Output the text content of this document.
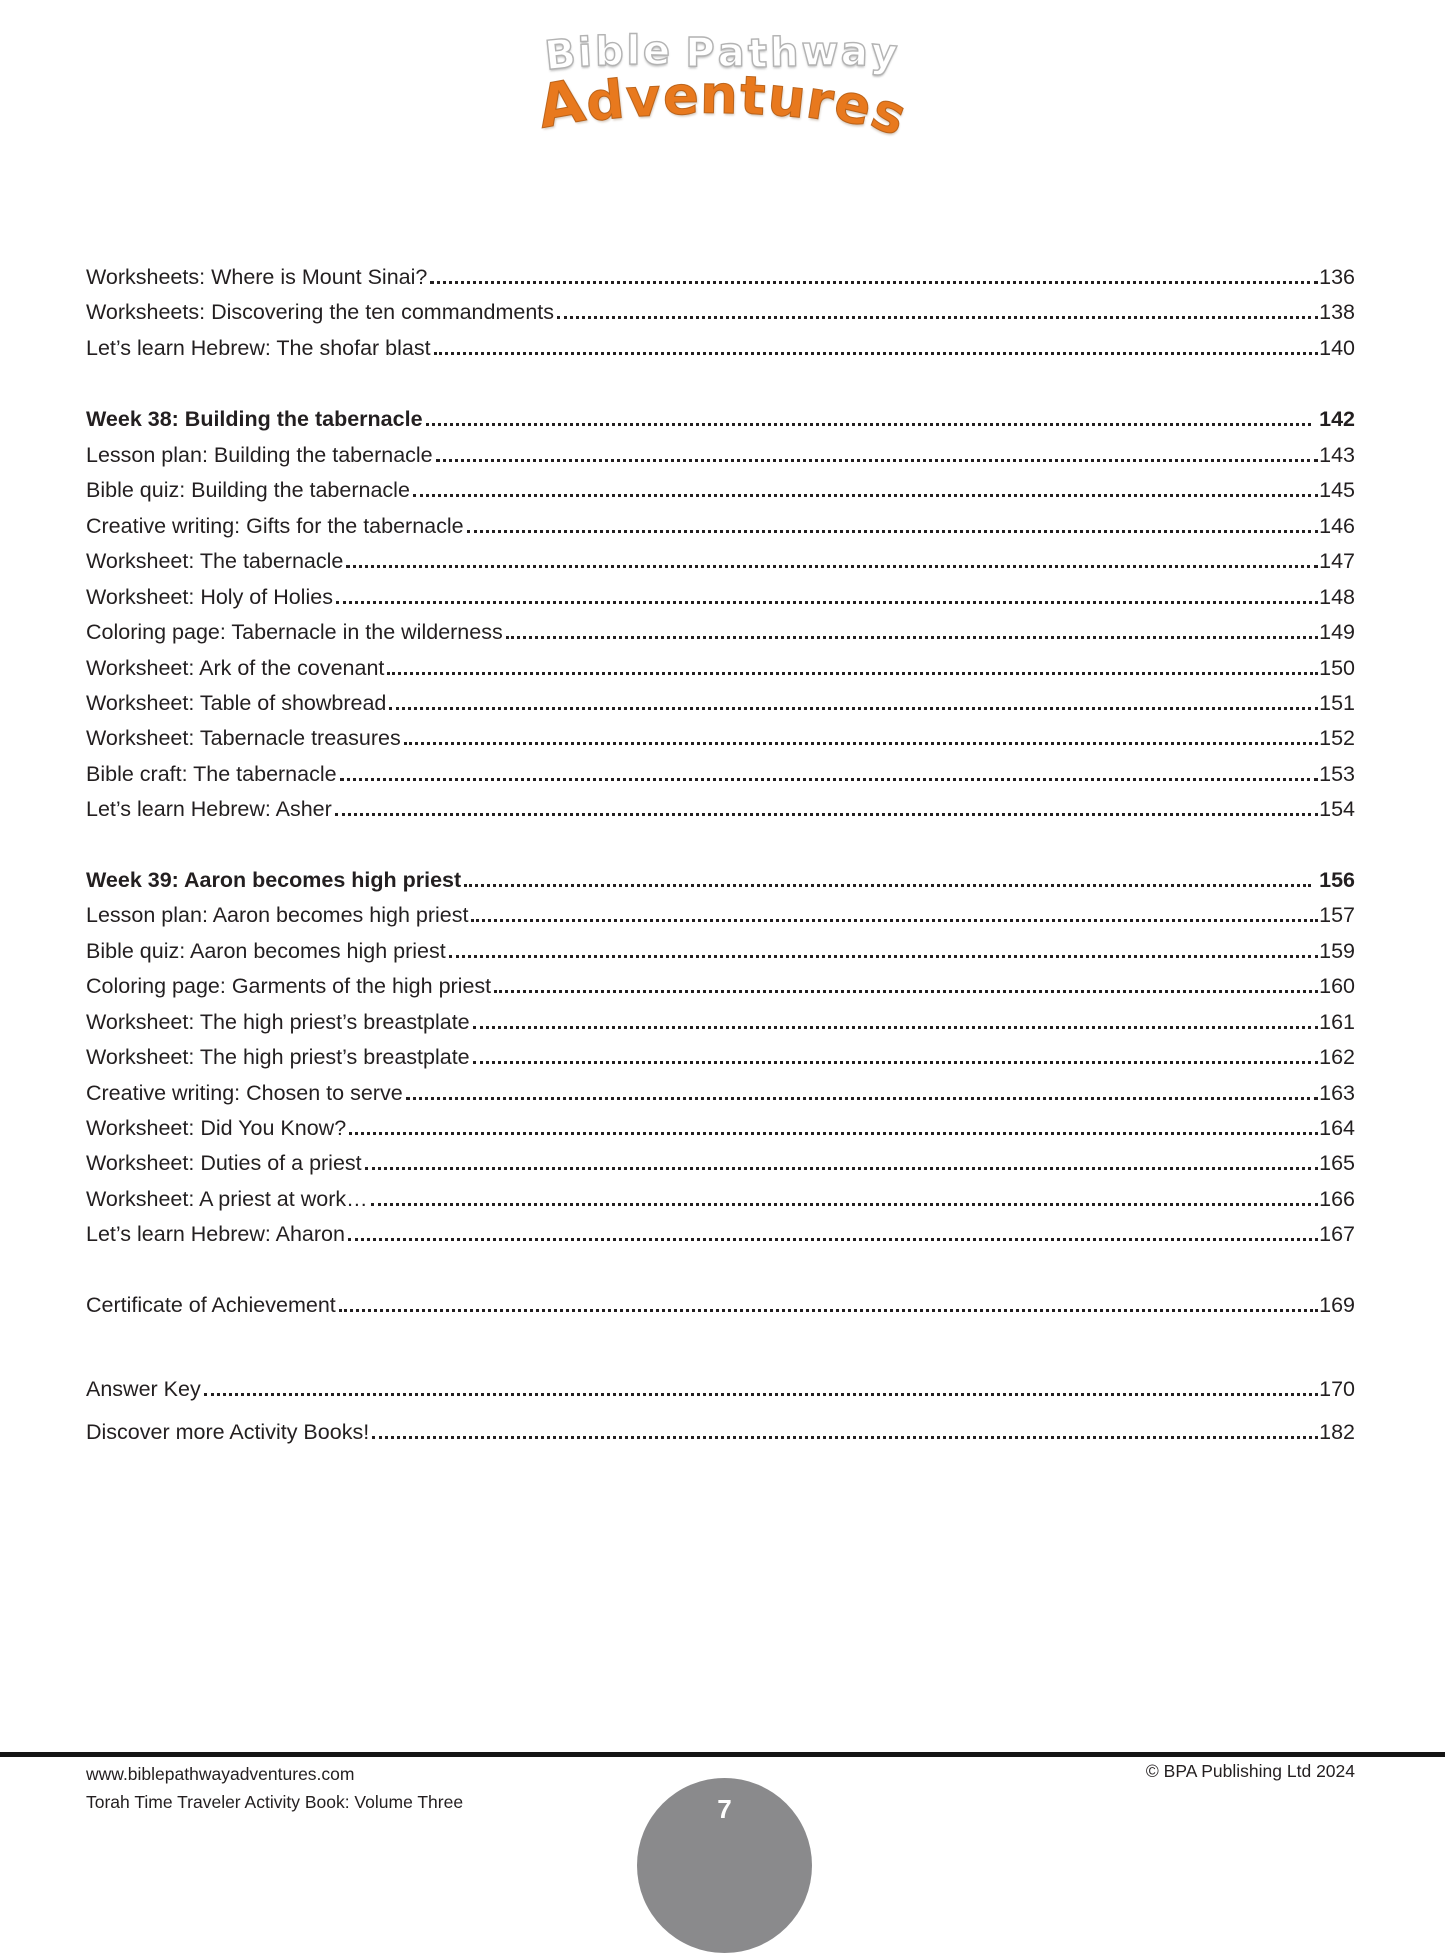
Bible Pathway
Adventures
Worksheets: Where is Mount Sinai?	136
Worksheets: Discovering the ten commandments	138
Let’s learn Hebrew: The shofar blast	140
Week 38: Building the tabernacle	142
Lesson plan: Building the tabernacle	143
Bible quiz: Building the tabernacle	145
Creative writing: Gifts for the tabernacle	146
Worksheet: The tabernacle	147
Worksheet: Holy of Holies	148
Coloring page: Tabernacle in the wilderness	149
Worksheet: Ark of the covenant	150
Worksheet: Table of showbread	151
Worksheet: Tabernacle treasures	152
Bible craft: The tabernacle	153
Let’s learn Hebrew: Asher	154
Week 39: Aaron becomes high priest	156
Lesson plan: Aaron becomes high priest	157
Bible quiz: Aaron becomes high priest	159
Coloring page: Garments of the high priest	160
Worksheet: The high priest’s breastplate	161
Worksheet: The high priest’s breastplate	162
Creative writing: Chosen to serve	163
Worksheet: Did You Know?	164
Worksheet: Duties of a priest	165
Worksheet: A priest at work…	166
Let’s learn Hebrew: Aharon	167
Certificate of Achievement	169
Answer Key	170
Discover more Activity Books!	182
www.biblepathwayadventures.com
Torah Time Traveler Activity Book: Volume Three
© BPA Publishing Ltd 2024
7
